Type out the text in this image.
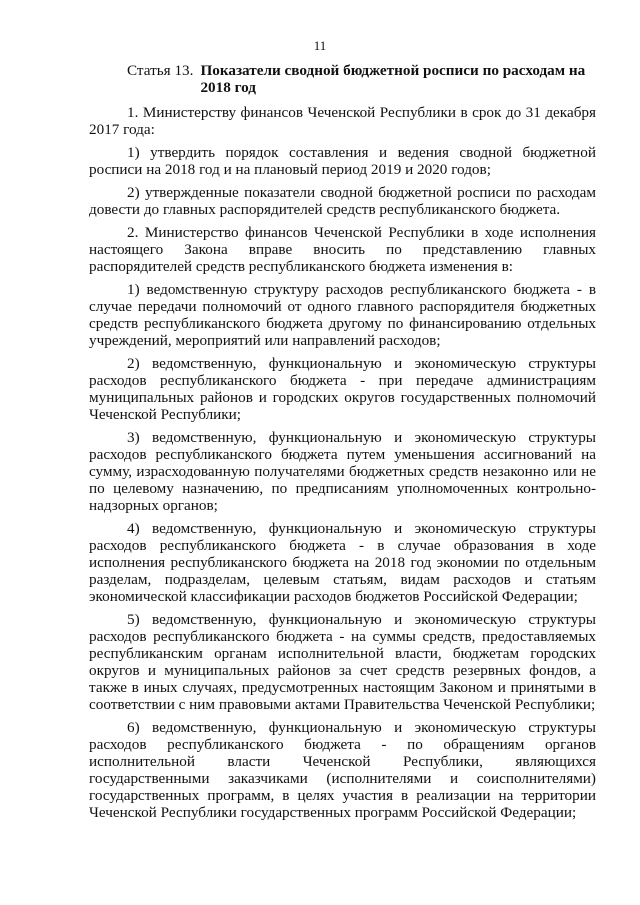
11
Статья 13. Показатели сводной бюджетной росписи по расходам на 2018 год

1. Министерству финансов Чеченской Республики в срок до 31 декабря 2017 года:

1) утвердить порядок составления и ведения сводной бюджетной росписи на 2018 год и на плановый период 2019 и 2020 годов;

2) утвержденные показатели сводной бюджетной росписи по расходам довести до главных распорядителей средств республиканского бюджета.

2. Министерство финансов Чеченской Республики в ходе исполнения настоящего Закона вправе вносить по представлению главных распорядителей средств республиканского бюджета изменения в:

1) ведомственную структуру расходов республиканского бюджета - в случае передачи полномочий от одного главного распорядителя бюджетных средств республиканского бюджета другому по финансированию отдельных учреждений, мероприятий или направлений расходов;

2) ведомственную, функциональную и экономическую структуры расходов республиканского бюджета - при передаче администрациям муниципальных районов и городских округов государственных полномочий Чеченской Республики;

3) ведомственную, функциональную и экономическую структуры расходов республиканского бюджета путем уменьшения ассигнований на сумму, израсходованную получателями бюджетных средств незаконно или не по целевому назначению, по предписаниям уполномоченных контрольно-надзорных органов;

4) ведомственную, функциональную и экономическую структуры расходов республиканского бюджета - в случае образования в ходе исполнения республиканского бюджета на 2018 год экономии по отдельным разделам, подразделам, целевым статьям, видам расходов и статьям экономической классификации расходов бюджетов Российской Федерации;

5) ведомственную, функциональную и экономическую структуры расходов республиканского бюджета - на суммы средств, предоставляемых республиканским органам исполнительной власти, бюджетам городских округов и муниципальных районов за счет средств резервных фондов, а также в иных случаях, предусмотренных настоящим Законом и принятыми в соответствии с ним правовыми актами Правительства Чеченской Республики;

6) ведомственную, функциональную и экономическую структуры расходов республиканского бюджета - по обращениям органов исполнительной власти Чеченской Республики, являющихся государственными заказчиками (исполнителями и соисполнителями) государственных программ, в целях участия в реализации на территории Чеченской Республики государственных программ Российской Федерации;
